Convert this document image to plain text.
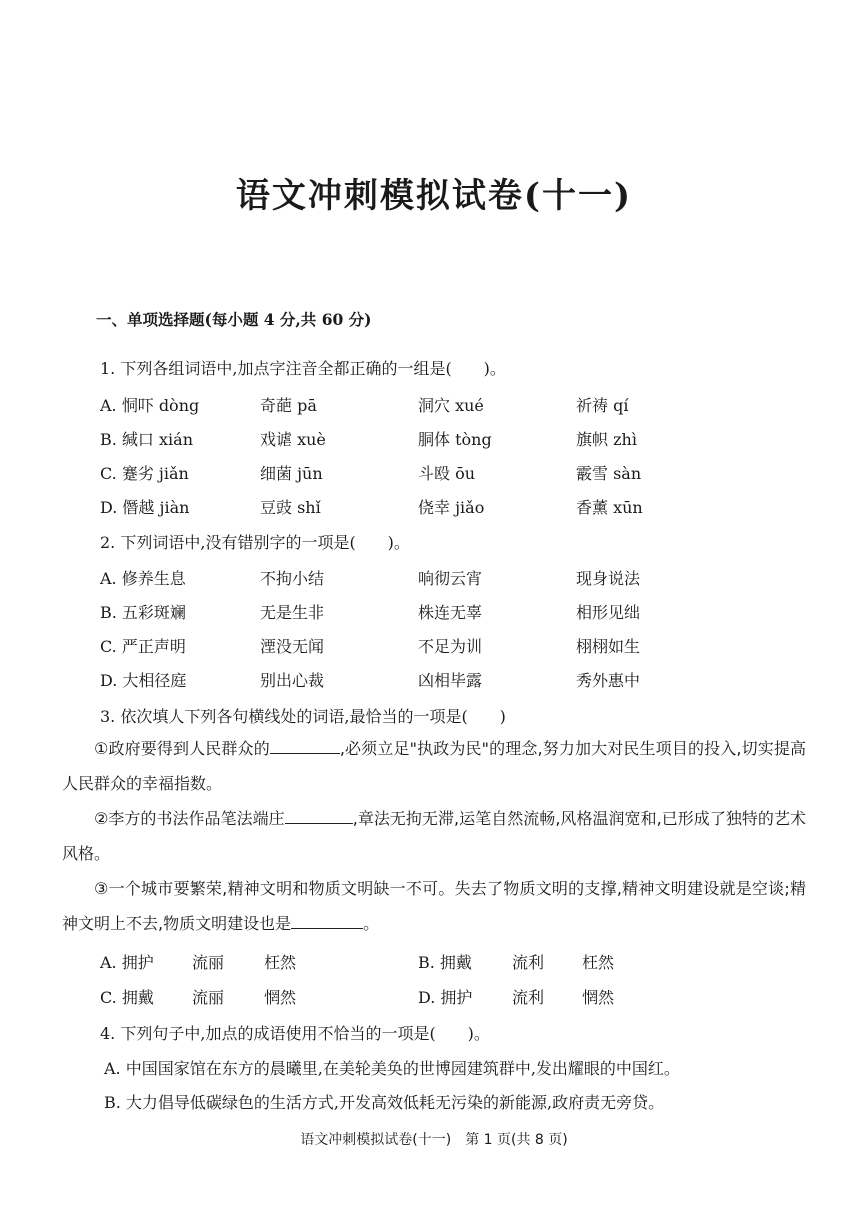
语文冲刺模拟试卷(十一)
一、单项选择题(每小题 4 分,共 60 分)
1. 下列各组词语中,加点字注音全都正确的一组是(　　)。
A. 恫吓 dòng	奇葩 pā	洞穴 xué	祈祷 qí
B. 缄口 xián	戏谑 xuè	胴体 tòng	旗帜 zhì
C. 蹇劣 jiǎn	细菌 jūn	斗殴 ōu	霰雪 sàn
D. 僭越 jiàn	豆豉 shǐ	侥幸 jiǎo	香薰 xūn
2. 下列词语中,没有错别字的一项是(　　)。
A. 修养生息	不拘小结	响彻云宵	现身说法
B. 五彩斑斓	无是生非	株连无辜	相形见绌
C. 严正声明	湮没无闻	不足为训	栩栩如生
D. 大相径庭	别出心裁	凶相毕露	秀外惠中
3. 依次填人下列各句横线处的词语,最恰当的一项是(　　)
①政府要得到人民群众的	,必须立足"执政为民"的理念,努力加大对民生项目的投入,切实提高人民群众的幸福指数。
②李方的书法作品笔法端庄	,章法无拘无滞,运笔自然流畅,风格温润宽和,已形成了独特的艺术风格。
③一个城市要繁荣,精神文明和物质文明缺一不可。失去了物质文明的支撑,精神文明建设就是空谈;精神文明上不去,物质文明建设也是	。
A. 拥护 流丽 枉然	B. 拥戴	流利 枉然
C. 拥戴 流丽 惘然	D. 拥护 流利 惘然
4. 下列句子中,加点的成语使用不恰当的一项是(　　)。
A. 中国国家馆在东方的晨曦里,在美轮美奂的世博园建筑群中,发出耀眼的中国红。
B. 大力倡导低碳绿色的生活方式,开发高效低耗无污染的新能源,政府责无旁贷。
语文冲刺模拟试卷(十一)　第 1 页(共 8 页)
